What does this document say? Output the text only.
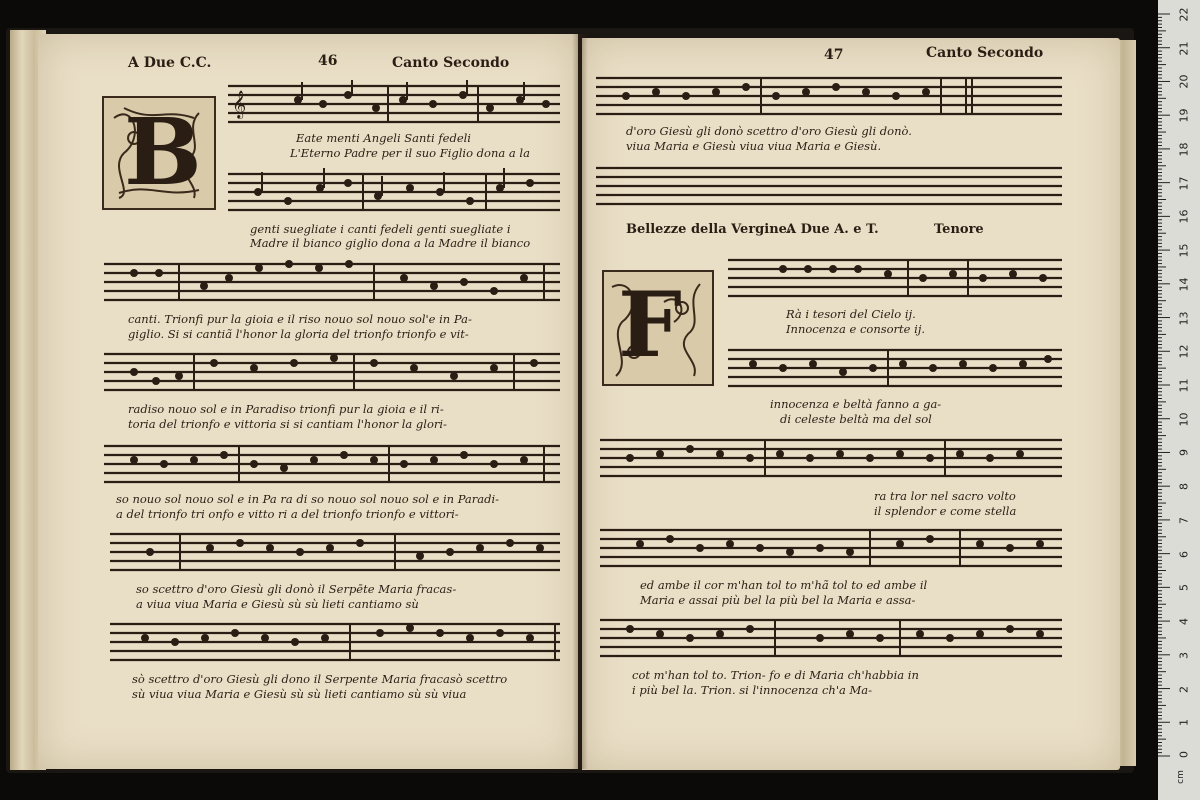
A Due C.C.	46	Canto Secondo
B 𝄞
Eate menti Angeli Santi fedeli
L'Eterno Padre per il suo Figlio dona a la
genti suegliate i canti fedeli genti suegliate i
Madre il bianco giglio dona a la Madre il bianco
canti. Trionfi pur la gioia e il riso nouo sol nouo sol'e in Pa-
giglio. Si si cantiã l'honor la gloria del trionfo trionfo e vit-
radiso nouo sol e in Paradiso trionfi pur la gioia e il ri-
toria del trionfo e vittoria si si cantiam l'honor la glori-
so nouo sol nouo sol e in Pa ra di so nouo sol nouo sol e in Paradi-
a del trionfo tri onfo e vitto ri a del trionfo trionfo e vittori-
so scettro d'oro Giesù gli donò il Serpēte Maria fracas-
a viua viua Maria e Giesù sù sù lieti cantiamo sù
sò scettro d'oro Giesù gli dono il Serpente Maria fracasò scettro
sù viua viua Maria e Giesù sù sù lieti cantiamo sù sù viua
47	Canto Secondo
d'oro Giesù gli donò scettro d'oro Giesù gli donò.
viua Maria e Giesù viua viua Maria e Giesù.
Bellezze della Vergine.
A Due A. e T.	Tenore
F	Rà i tesori del Cielo ij.
Innocenza e consorte ij.
innocenza e beltà fanno a ga-
di celeste beltà ma del sol
ra tra lor nel sacro volto
il splendor e come stella
ed ambe il cor m'han tol to m'hã tol to ed ambe il
Maria e assai più bel la più bel la Maria e assa-
cot m'han tol to. Trion- fo e di Maria ch'habbia in
i più bel la. Trion. si l'innocenza ch'a Ma-
22
21
20
19
18
17
16
15
14
13
12
11
10
9
8
7
6
5
4
3
2
1
0
cm
